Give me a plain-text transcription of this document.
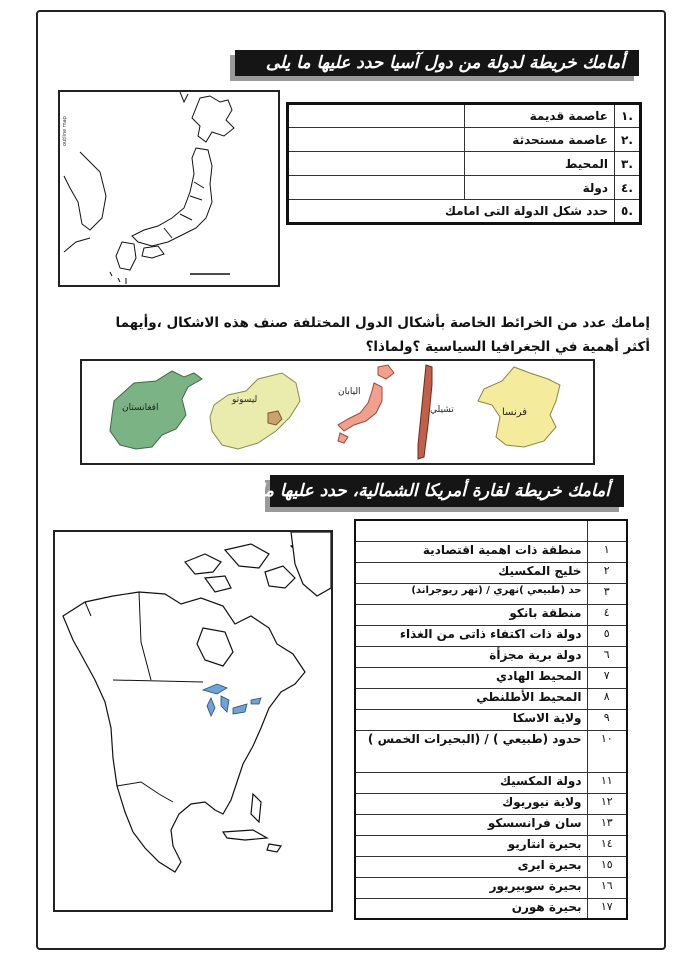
أمامك خريطة لدولة من دول آسيا حدد عليها ما يلى
outline map
.١	عاصمة قديمة	
.٢	عاصمة مستحدثة	
.٣	المحيط	
.٤	دولة	
.٥	حدد شكل الدولة التى امامك	
إمامك عدد من الخرائط الخاصة بأشكال الدول المختلفة صنف هذه الاشكال ،وأيهما
أكثر أهمية في الجغرافيا السياسية ؟ولماذا؟
افغانستان
ليسوتو
اليابان
تشيلي	فرنسا
أمامك خريطة لقارة أمريكا الشمالية، حدد عليها ما يلى

١	منطقة ذات اهمية اقتصادية
٢	خليج المكسيك
٣	حد (طبيعي )نهري / (نهر ريوجراند)
٤	منطقة بانكو
٥	دولة ذات اكتفاء ذاتى من الغذاء
٦	دولة برية مجزأة
٧	المحيط الهادي
٨	المحيط الأطلنطي
٩	ولاية الاسكا
١٠	حدود (طبيعي ) / (البحيرات الخمس )
١١	دولة المكسيك
١٢	ولاية نيوريوك
١٣	سان فرانسسكو
١٤	بحيرة انتاريو
١٥	بحيرة ايرى
١٦	بحيرة سوبيريور
١٧	بحيرة هورن
